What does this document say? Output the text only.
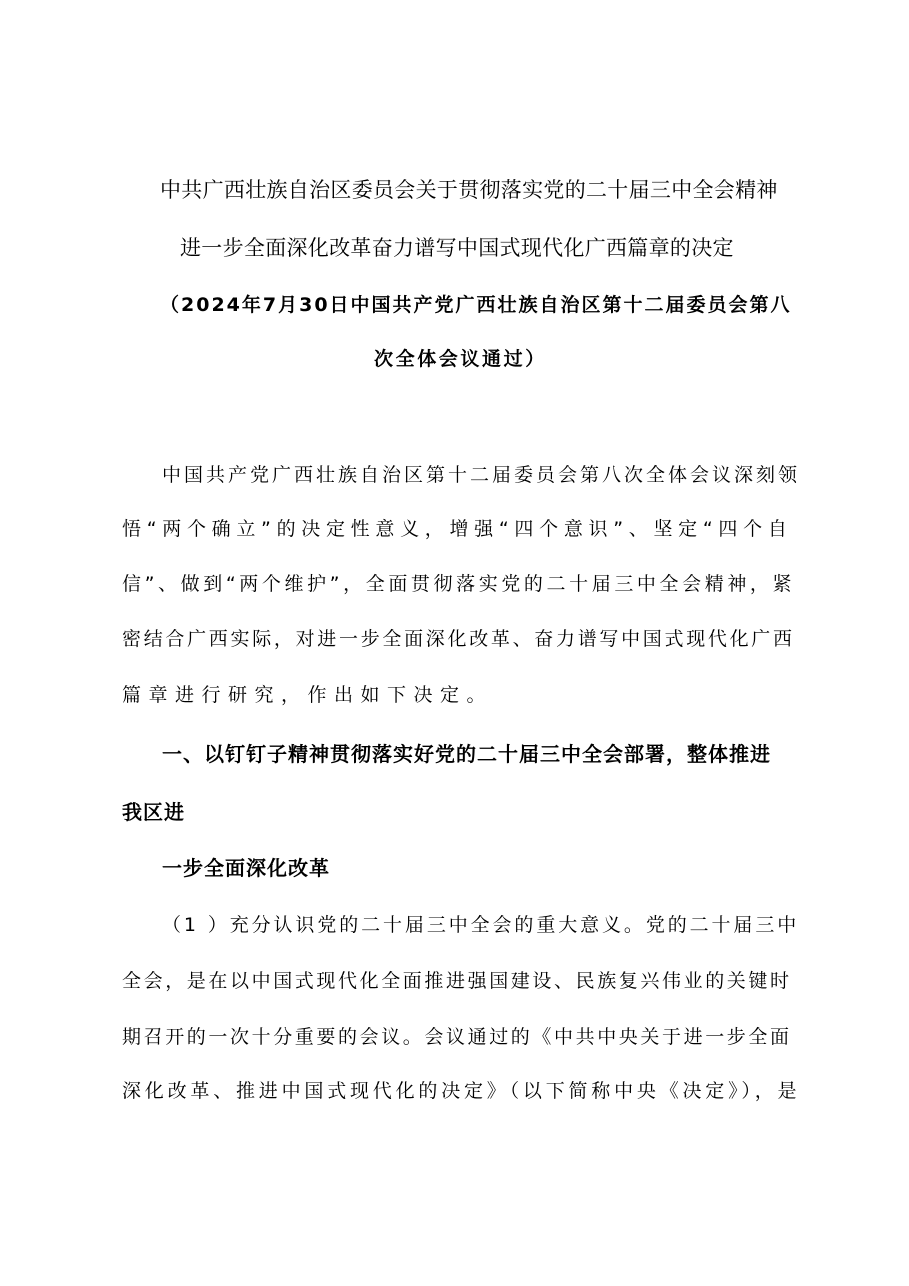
中共广西壮族自治区委员会关于贯彻落实党的二十届三中全会精神
进一步全面深化改革奋力谱写中国式现代化广西篇章的决定
（2024年7月30日中国共产党广西壮族自治区第十二届委员会第八
次全体会议通过）
中国共产党广西壮族自治区第十二届委员会第八次全体会议深刻领
悟“两个确立”的决定性意义，增强“四个意识”、坚定“四个自
信”、做到“两个维护”，全面贯彻落实党的二十届三中全会精神，紧
密结合广西实际，对进一步全面深化改革、奋力谱写中国式现代化广西
篇章进行研究，作出如下决定。
一、以钉钉子精神贯彻落实好党的二十届三中全会部署，整体推进
我区进
一步全面深化改革
（1 ）充分认识党的二十届三中全会的重大意义。党的二十届三中
全会，是在以中国式现代化全面推进强国建设、民族复兴伟业的关键时
期召开的一次十分重要的会议。会议通过的《中共中央关于进一步全面
深化改革、推进中国式现代化的决定》（以下简称中央《决定》），是
